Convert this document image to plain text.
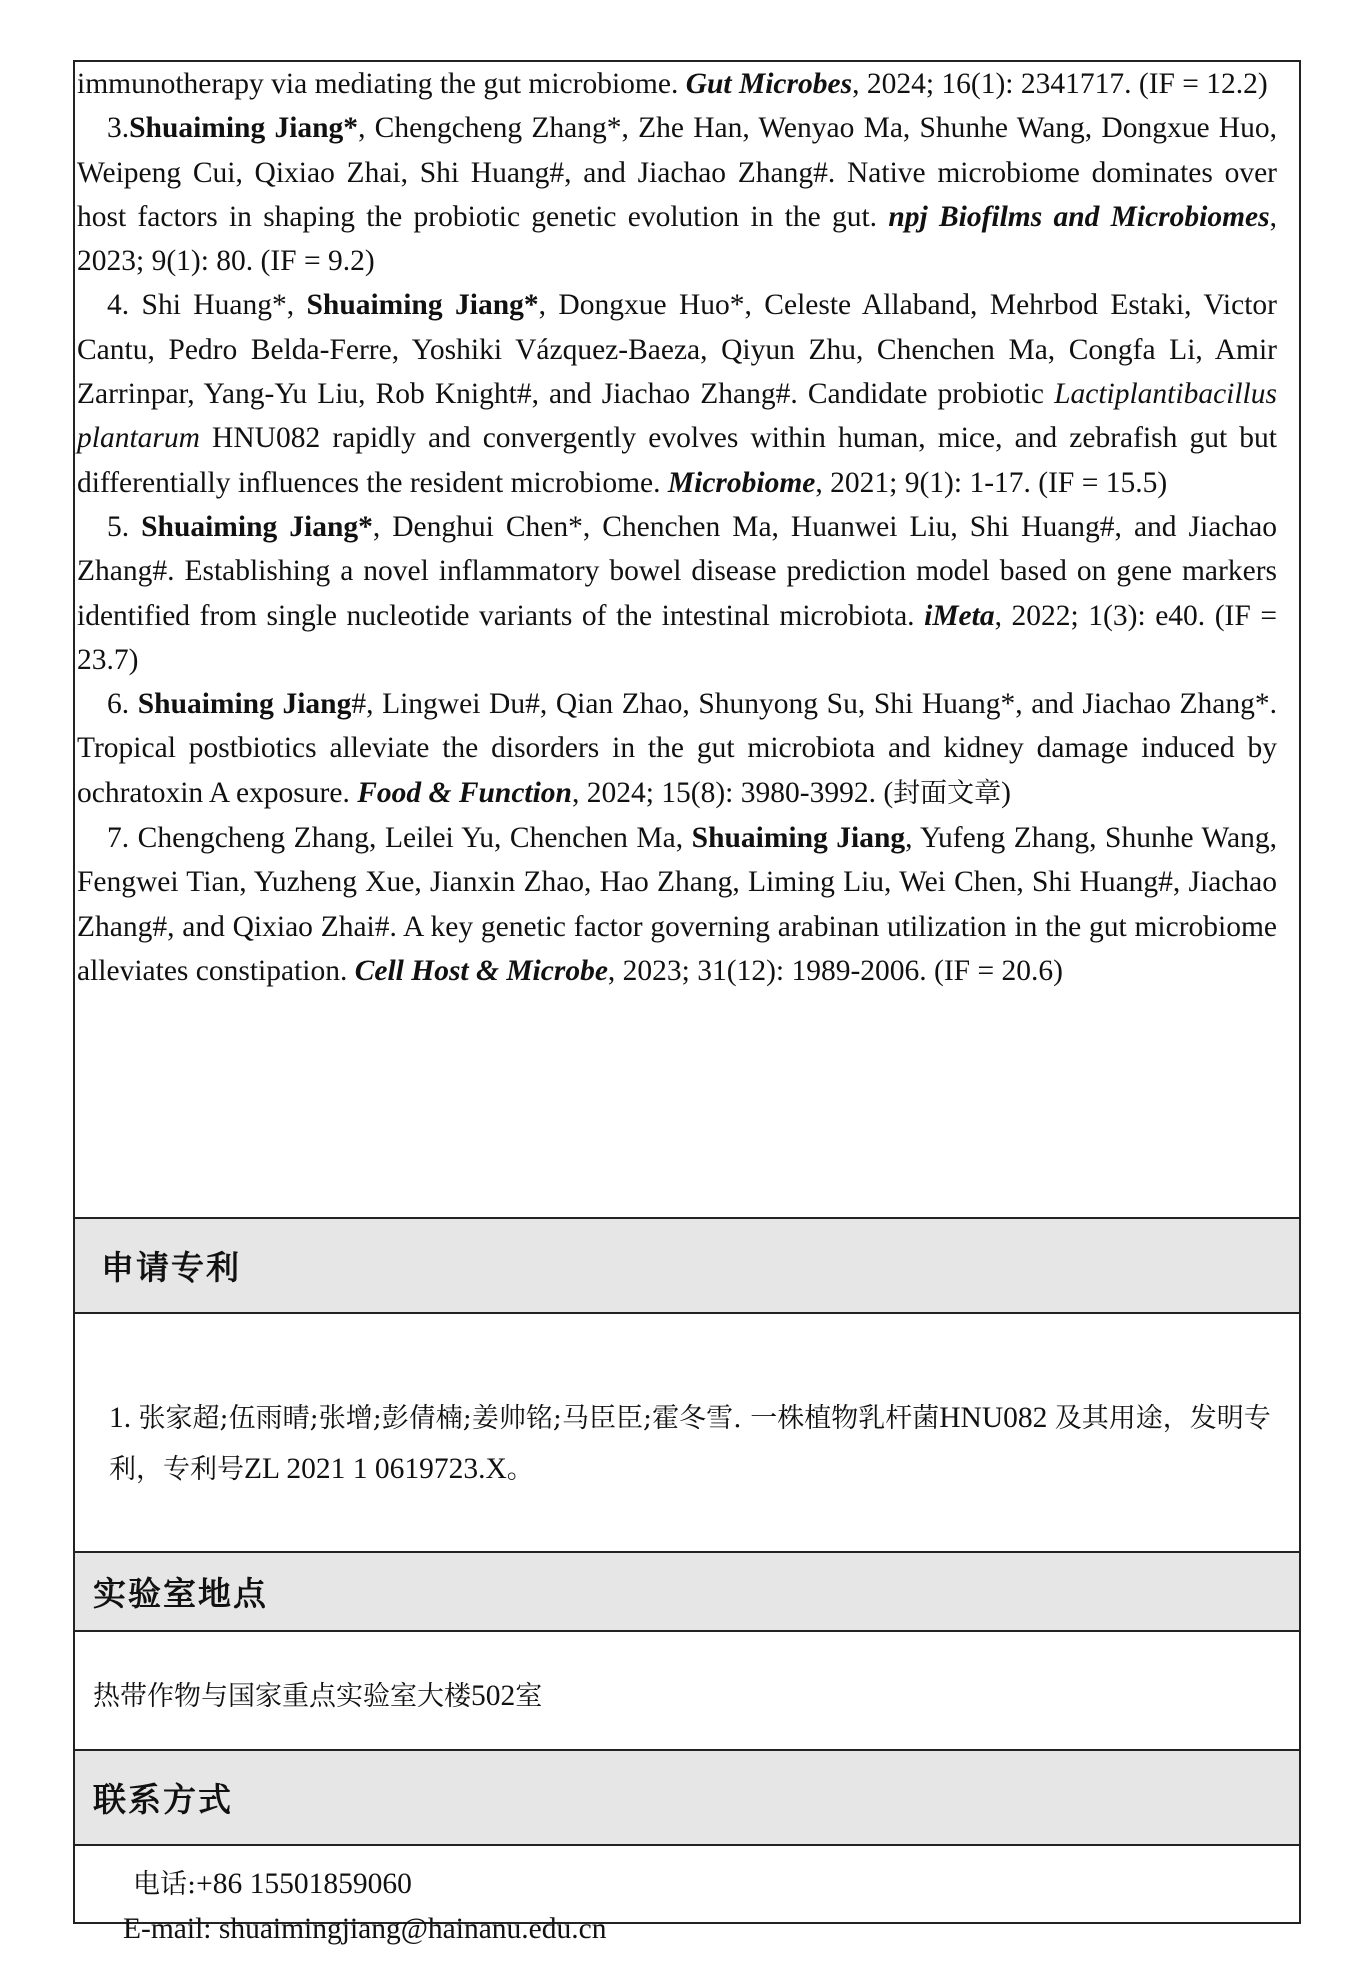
immunotherapy via mediating the gut microbiome. Gut Microbes, 2024; 16(1): 2341717. (IF = 12.2)

3.Shuaiming Jiang*, Chengcheng Zhang*, Zhe Han, Wenyao Ma, Shunhe Wang, Dongxue Huo, Weipeng Cui, Qixiao Zhai, Shi Huang#, and Jiachao Zhang#. Native microbiome dominates over host factors in shaping the probiotic genetic evolution in the gut. npj Biofilms and Microbiomes, 2023; 9(1): 80. (IF = 9.2)

4. Shi Huang*, Shuaiming Jiang*, Dongxue Huo*, Celeste Allaband, Mehrbod Estaki, Victor Cantu, Pedro Belda-Ferre, Yoshiki Vázquez-Baeza, Qiyun Zhu, Chenchen Ma, Congfa Li, Amir Zarrinpar, Yang-Yu Liu, Rob Knight#, and Jiachao Zhang#. Candidate probiotic Lactiplantibacillus plantarum HNU082 rapidly and convergently evolves within human, mice, and zebrafish gut but differentially influences the resident microbiome. Microbiome, 2021; 9(1): 1-17. (IF = 15.5)

5. Shuaiming Jiang*, Denghui Chen*, Chenchen Ma, Huanwei Liu, Shi Huang#, and Jiachao Zhang#. Establishing a novel inflammatory bowel disease prediction model based on gene markers identified from single nucleotide variants of the intestinal microbiota. iMeta, 2022; 1(3): e40. (IF = 23.7)

6. Shuaiming Jiang#, Lingwei Du#, Qian Zhao, Shunyong Su, Shi Huang*, and Jiachao Zhang*. Tropical postbiotics alleviate the disorders in the gut microbiota and kidney damage induced by ochratoxin A exposure. Food & Function, 2024; 15(8): 3980-3992. (封面文章)

7. Chengcheng Zhang, Leilei Yu, Chenchen Ma, Shuaiming Jiang, Yufeng Zhang, Shunhe Wang, Fengwei Tian, Yuzheng Xue, Jianxin Zhao, Hao Zhang, Liming Liu, Wei Chen, Shi Huang#, Jiachao Zhang#, and Qixiao Zhai#. A key genetic factor governing arabinan utilization in the gut microbiome alleviates constipation. Cell Host & Microbe, 2023; 31(12): 1989-2006. (IF = 20.6)

申请专利
1. 张家超;伍雨晴;张增;彭倩楠;姜帅铭;马臣臣;霍冬雪. 一株植物乳杆菌HNU082 及其用途，发明专利，专利号ZL 2021 1 0619723.X。
实验室地点
热带作物与国家重点实验室大楼502室
联系方式
电话:+86 15501859060
E-mail: shuaimingjiang@hainanu.edu.cn
